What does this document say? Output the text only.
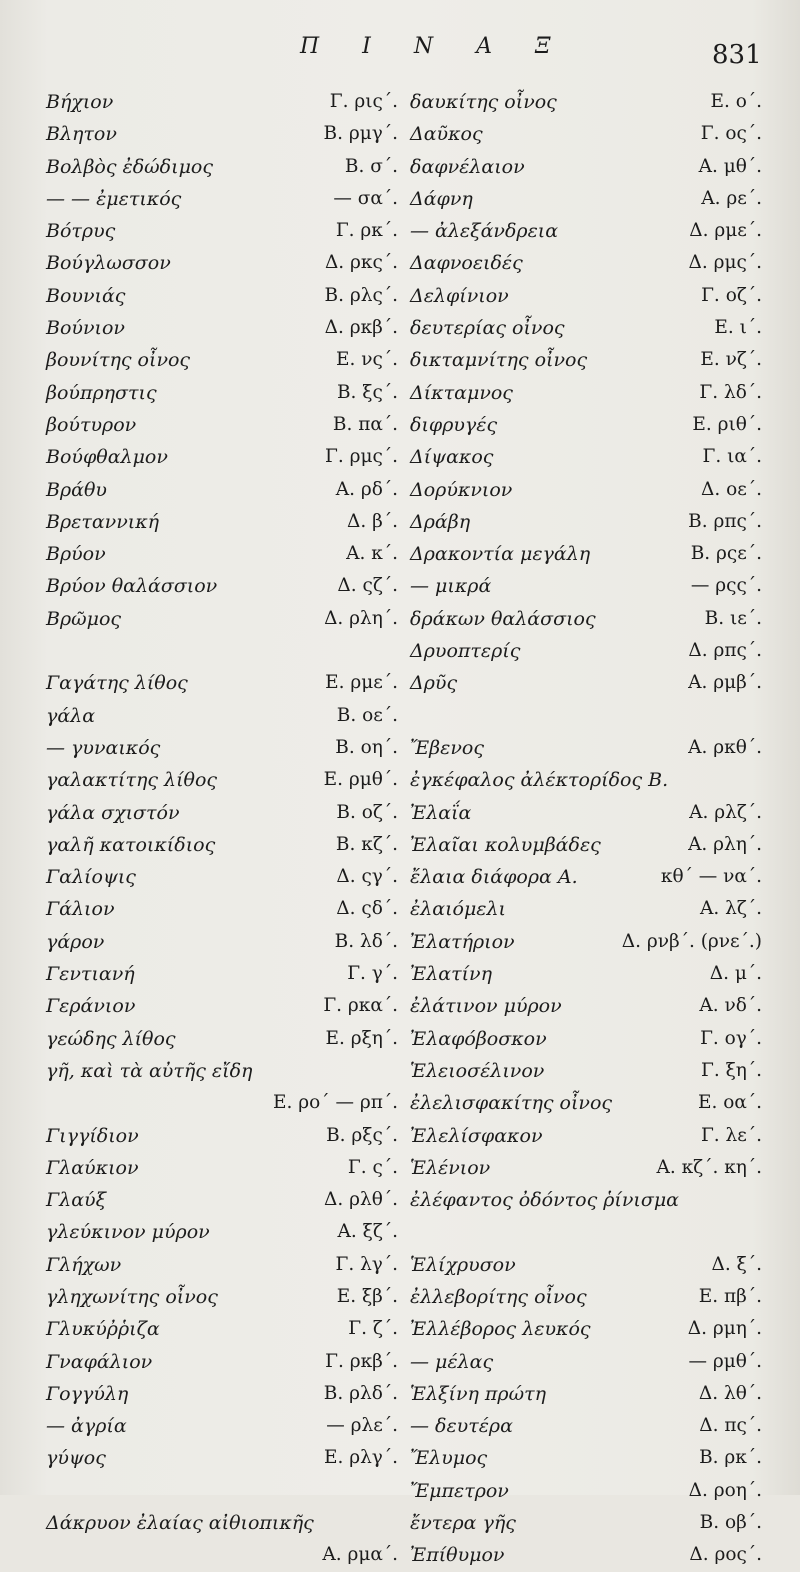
Π Ι Ν Α Ξ	831
Βήχιον	Γ. ρις΄.
Βλητον	Β. ρμγ΄.
Βολβὸς ἐδώδιμος	Β. σ΄.
— — ἐμετικός	— σα΄.
Βότρυς	Γ. ρκ΄.
Βούγλωσσον	Δ. ρκς΄.
Βουνιάς	Β. ρλς΄.
Βούνιον	Δ. ρκβ΄.
βουνίτης οἶνος	Ε. νς΄.
βούπρηστις	Β. ξς΄.
βούτυρον	Β. πα΄.
Βούφθαλμον	Γ. ρμς΄.
Βράθυ	Α. ρδ΄.
Βρεταννική	Δ. β΄.
Βρύον	Α. κ΄.
Βρύον θαλάσσιον	Δ. ςζ΄.
Βρῶμος	Δ. ρλη΄.
Γαγάτης λίθος	Ε. ρμε΄.
γάλα	Β. οε΄.
— γυναικός	Β. οη΄.
γαλακτίτης λίθος	Ε. ρμθ΄.
γάλα σχιστόν	Β. οζ΄.
γαλῆ κατοικίδιος	Β. κζ΄.
Γαλίοψις	Δ. ςγ΄.
Γάλιον	Δ. ςδ΄.
γάρον	Β. λδ΄.
Γεντιανή	Γ. γ΄.
Γεράνιον	Γ. ρκα΄.
γεώδης λίθος	Ε. ρξη΄.
γῆ, καὶ τὰ αὐτῆς εἴδη
Ε. ρο΄ — ρπ΄.
Γιγγίδιον	Β. ρξς΄.
Γλαύκιον	Γ. ς΄.
Γλαύξ	Δ. ρλθ΄.
γλεύκινον μύρον	Α. ξζ΄.
Γλήχων	Γ. λγ΄.
γληχωνίτης οἶνος	Ε. ξβ΄.
Γλυκύῤῥιζα	Γ. ζ΄.
Γναφάλιον	Γ. ρκβ΄.
Γογγύλη	Β. ρλδ΄.
— ἀγρία	— ρλε΄.
γύψος	Ε. ρλγ΄.
Δάκρυον ἐλαίας αἰθιοπικῆς
Α. ρμα΄.
δαυκίτης οἶνος	Ε. ο΄.
Δαῦκος	Γ. ος΄.
δαφνέλαιον	Α. μθ΄.
Δάφνη	Α. ρε΄.
— ἀλεξάνδρεια	Δ. ρμε΄.
Δαφνοειδές	Δ. ρμς΄.
Δελφίνιον	Γ. οζ΄.
δευτερίας οἶνος	Ε. ι΄.
δικταμνίτης οἶνος	Ε. νζ΄.
Δίκταμνος	Γ. λδ΄.
διφρυγές	Ε. ριθ΄.
Δίψακος	Γ. ια΄.
Δορύκνιον	Δ. οε΄.
Δράβη	Β. ρπς΄.
Δρακοντία μεγάλη	Β. ρςε΄.
— μικρά	— ρςς΄.
δράκων θαλάσσιος	Β. ιε΄.
Δρυοπτερίς	Δ. ρπς΄.
Δρῦς	Α. ρμβ΄.
Ἔβενος	Α. ρκθ΄.
ἐγκέφαλος ἀλέκτορίδος Β.
Ἐλαΐα	Α. ρλζ΄.
Ἐλαῖαι κολυμβάδες	Α. ρλη΄.
ἔλαια διάφορα Α.	κθ΄ — να΄.
ἐλαιόμελι	Α. λζ΄.
Ἐλατήριον	Δ. ρνβ΄. (ρνε΄.)
Ἐλατίνη	Δ. μ΄.
ἐλάτινον μύρον	Α. νδ΄.
Ἐλαφόβοσκον	Γ. ογ΄.
Ἑλειοσέλινον	Γ. ξη΄.
ἐλελισφακίτης οἶνος	Ε. οα΄.
Ἐλελίσφακον	Γ. λε΄.
Ἑλένιον	Α. κζ΄. κη΄.
ἐλέφαντος ὀδόντος ῥίνισμα
Ἑλίχρυσον	Δ. ξ΄.
ἐλλεβορίτης οἶνος	Ε. πβ΄.
Ἐλλέβορος λευκός	Δ. ρμη΄.
— μέλας	— ρμθ΄.
Ἑλξίνη πρώτη	Δ. λθ΄.
— δευτέρα	Δ. πς΄.
Ἔλυμος	Β. ρκ΄.
Ἔμπετρον	Δ. ροη΄.
ἔντερα γῆς	Β. οβ΄.
Ἐπίθυμον	Δ. ρος΄.
